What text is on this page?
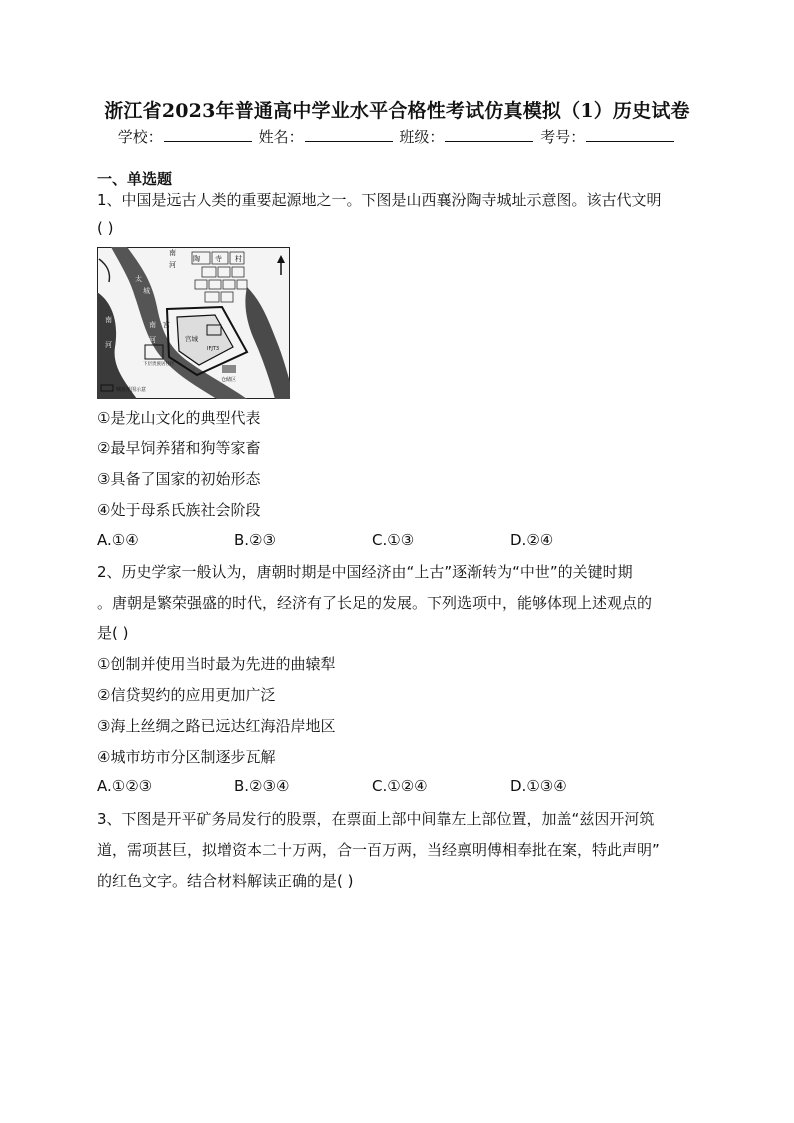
浙江省2023年普通高中学业水平合格性考试仿真模拟（1）历史试卷
学校：	姓名：	班级：	考号：
一、单选题
1、中国是远古人类的重要起源地之一。下图是山西襄汾陶寺城址示意图。该古代文明
( )
南
河
太
城
宫
南
河
陶 寺 村
南
河	宫城
IFJT3
下层贵族居住区
仓储区
城址范围示意
①是龙山文化的典型代表
②最早饲养猪和狗等家畜
③具备了国家的初始形态
④处于母系氏族社会阶段
A.①④	B.②③	C.①③	D.②④
2、历史学家一般认为，唐朝时期是中国经济由“上古”逐渐转为“中世”的关键时期
。唐朝是繁荣强盛的时代，经济有了长足的发展。下列选项中，能够体现上述观点的
是( )
①创制并使用当时最为先进的曲辕犁
②信贷契约的应用更加广泛
③海上丝绸之路已远达红海沿岸地区
④城市坊市分区制逐步瓦解
A.①②③	B.②③④	C.①②④	D.①③④
3、下图是开平矿务局发行的股票，在票面上部中间靠左上部位置，加盖“兹因开河筑
道，需项甚巨，拟增资本二十万两，合一百万两，当经禀明傅相奉批在案，特此声明”
的红色文字。结合材料解读正确的是( )
